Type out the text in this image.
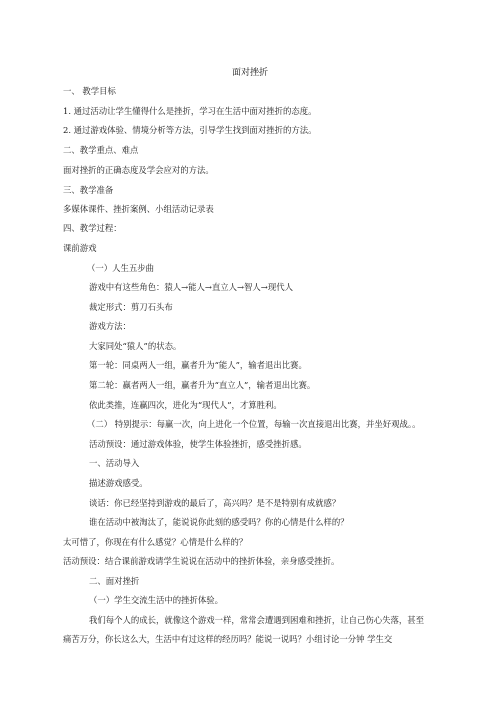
面对挫折
一、 教学目标
1. 通过活动让学生懂得什么是挫折，学习在生活中面对挫折的态度。
2. 通过游戏体验、情境分析等方法，引导学生找到面对挫折的方法。
二、教学重点、难点
面对挫折的正确态度及学会应对的方法。
三、教学准备
多媒体课件、挫折案例、小组活动记录表
四、教学过程：
课前游戏
（一）人生五步曲
游戏中有这些角色：猿人→能人→直立人→智人→现代人
裁定形式：剪刀石头布
游戏方法：
大家同处“猿人”的状态。
第一轮：同桌两人一组，赢者升为“能人”，输者退出比赛。
第二轮：赢者两人一组，赢者升为“直立人”，输者退出比赛。
依此类推，连赢四次，进化为“现代人”，才算胜利。
（二） 特别提示：每赢一次，向上进化一个位置，每输一次直接退出比赛，并坐好观战。。
活动预设：通过游戏体验，使学生体验挫折，感受挫折感。
一、活动导入
描述游戏感受。
谈话：你已经坚持到游戏的最后了，高兴吗？是不是特别有成就感？
谁在活动中被淘汰了，能说说你此刻的感受吗？你的心情是什么样的？
太可惜了，你现在有什么感觉？心情是什么样的？
活动预设：结合课前游戏请学生说说在活动中的挫折体验，亲身感受挫折。
二、面对挫折
（一）学生交流生活中的挫折体验。
我们每个人的成长，就像这个游戏一样，常常会遭遇到困难和挫折，让自己伤心失落，甚至
痛苦万分，你长这么大，生活中有过这样的经历吗？能说一说吗？小组讨论一分钟 学生交
